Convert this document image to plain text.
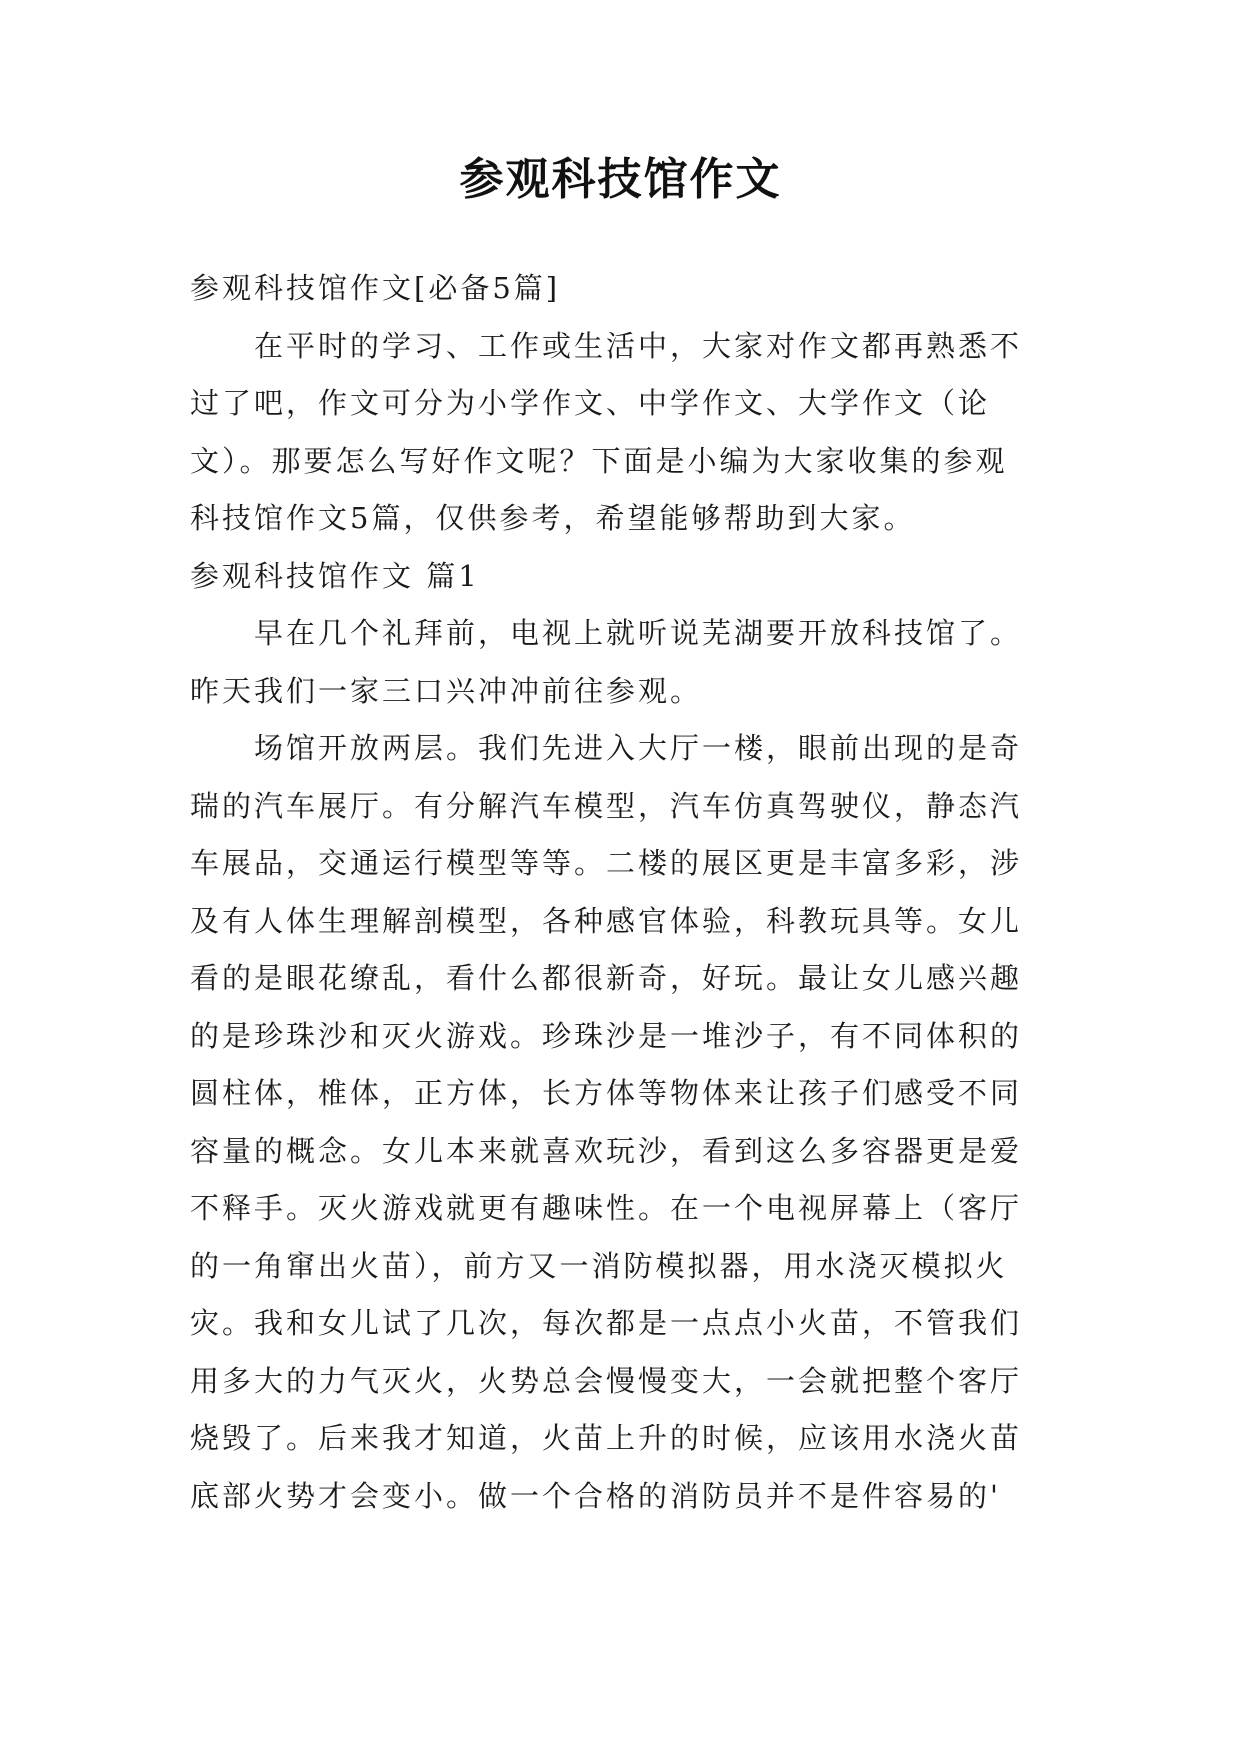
参观科技馆作文

参观科技馆作文[必备5篇]

在平时的学习、工作或生活中，大家对作文都再熟悉不
过了吧，作文可分为小学作文、中学作文、大学作文（论
文）。那要怎么写好作文呢？下面是小编为大家收集的参观
科技馆作文5篇，仅供参考，希望能够帮助到大家。

参观科技馆作文 篇1

早在几个礼拜前，电视上就听说芜湖要开放科技馆了。
昨天我们一家三口兴冲冲前往参观。

场馆开放两层。我们先进入大厅一楼，眼前出现的是奇
瑞的汽车展厅。有分解汽车模型，汽车仿真驾驶仪，静态汽
车展品，交通运行模型等等。二楼的展区更是丰富多彩，涉
及有人体生理解剖模型，各种感官体验，科教玩具等。女儿
看的是眼花缭乱，看什么都很新奇，好玩。最让女儿感兴趣
的是珍珠沙和灭火游戏。珍珠沙是一堆沙子，有不同体积的
圆柱体，椎体，正方体，长方体等物体来让孩子们感受不同
容量的概念。女儿本来就喜欢玩沙，看到这么多容器更是爱
不释手。灭火游戏就更有趣味性。在一个电视屏幕上（客厅
的一角窜出火苗），前方又一消防模拟器，用水浇灭模拟火
灾。我和女儿试了几次，每次都是一点点小火苗，不管我们
用多大的力气灭火，火势总会慢慢变大，一会就把整个客厅
烧毁了。后来我才知道，火苗上升的时候，应该用水浇火苗
底部火势才会变小。做一个合格的消防员并不是件容易的'
